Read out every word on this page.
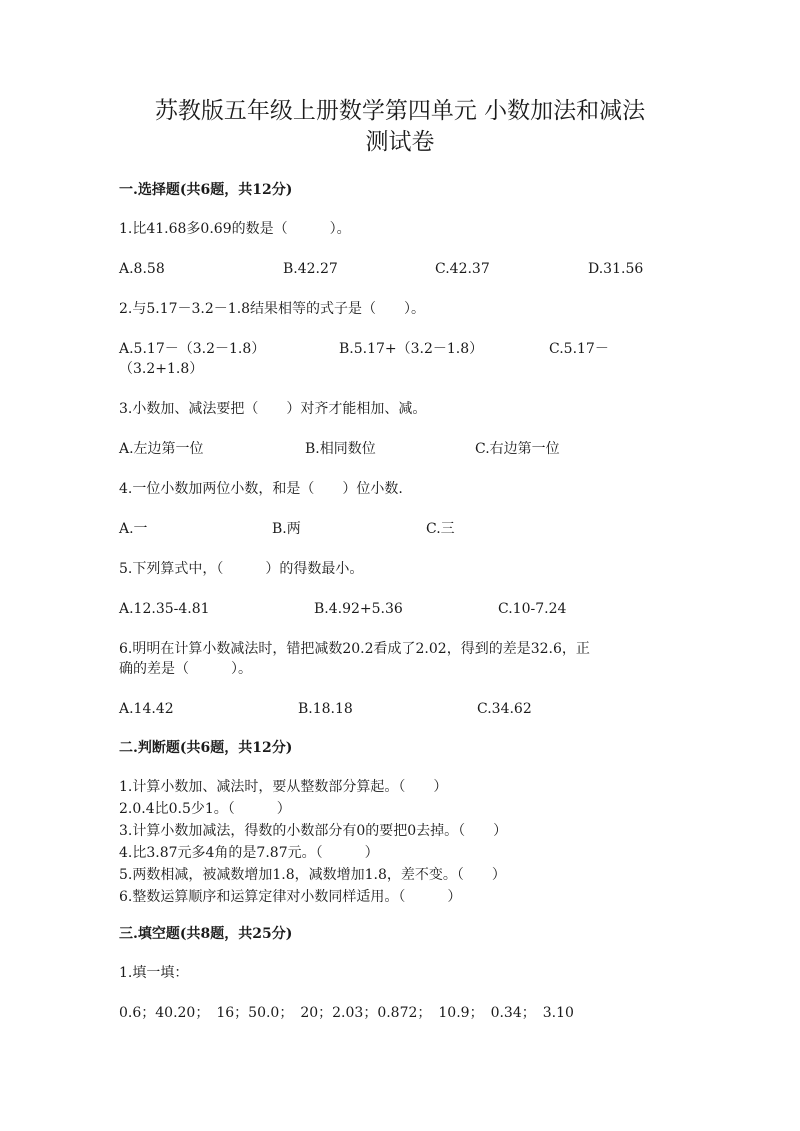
苏教版五年级上册数学第四单元 小数加法和减法
测试卷
一.选择题(共6题，共12分)
1.比41.68多0.69的数是（　　　）。
A.8.58	B.42.27	C.42.37	D.31.56
2.与5.17－3.2－1.8结果相等的式子是（　　）。
A.5.17－（3.2－1.8）	B.5.17+（3.2－1.8）	C.5.17－
（3.2+1.8）
3.小数加、减法要把（　　）对齐才能相加、减。
A.左边第一位	B.相同数位	C.右边第一位
4.一位小数加两位小数，和是（　　）位小数.
A.一	B.两	C.三
5.下列算式中，（　　　）的得数最小。
A.12.35-4.81	B.4.92+5.36	C.10-7.24
6.明明在计算小数减法时，错把减数20.2看成了2.02，得到的差是32.6，正
确的差是（　　　）。
A.14.42	B.18.18	C.34.62
二.判断题(共6题，共12分)
1.计算小数加、减法时，要从整数部分算起。（　　）
2.0.4比0.5少1。（　　　）
3.计算小数加减法，得数的小数部分有0的要把0去掉。（　　）
4.比3.87元多4角的是7.87元。（　　　）
5.两数相减，被减数增加1.8，减数增加1.8，差不变。（　　）
6.整数运算顺序和运算定律对小数同样适用。（　　　）
三.填空题(共8题，共25分)
1.填一填：
0.6；40.20；　16；50.0；　20；2.03；0.872；　10.9；　0.34；　3.10
